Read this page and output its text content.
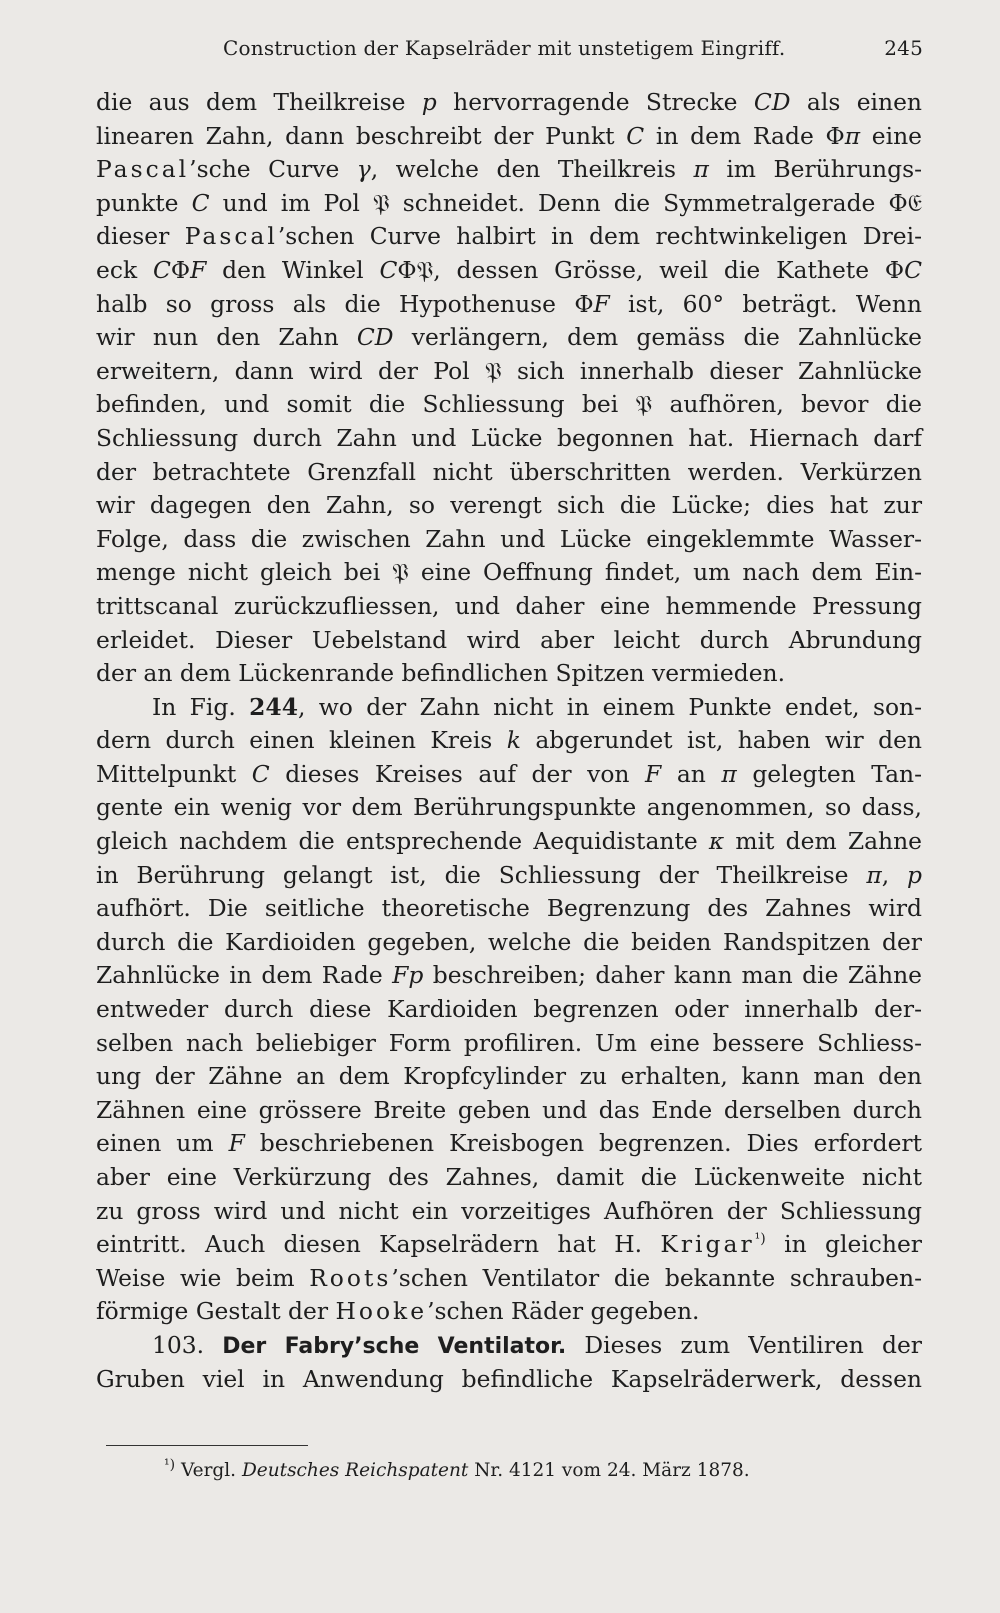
Construction der Kapselräder mit unstetigem Eingriff.	245
die aus dem Theilkreise p hervorragende Strecke CD als einen
linearen Zahn, dann beschreibt der Punkt C in dem Rade Φπ eine
Pascal’sche Curve γ, welche den Theilkreis π im Berührungs-
punkte C und im Pol 𝔓 schneidet. Denn die Symmetralgerade Φ𝔈
dieser Pascal’schen Curve halbirt in dem rechtwinkeligen Drei-
eck CΦF den Winkel CΦ𝔓, dessen Grösse, weil die Kathete ΦC
halb so gross als die Hypothenuse ΦF ist, 60° beträgt. Wenn
wir nun den Zahn CD verlängern, dem gemäss die Zahnlücke
erweitern, dann wird der Pol 𝔓 sich innerhalb dieser Zahnlücke
befinden, und somit die Schliessung bei 𝔓 aufhören, bevor die
Schliessung durch Zahn und Lücke begonnen hat. Hiernach darf
der betrachtete Grenzfall nicht überschritten werden. Verkürzen
wir dagegen den Zahn, so verengt sich die Lücke; dies hat zur
Folge, dass die zwischen Zahn und Lücke eingeklemmte Wasser-
menge nicht gleich bei 𝔓 eine Oeffnung findet, um nach dem Ein-
trittscanal zurückzufliessen, und daher eine hemmende Pressung
erleidet. Dieser Uebelstand wird aber leicht durch Abrundung
der an dem Lückenrande befindlichen Spitzen vermieden.
In Fig. 244, wo der Zahn nicht in einem Punkte endet, son-
dern durch einen kleinen Kreis k abgerundet ist, haben wir den
Mittelpunkt C dieses Kreises auf der von F an π gelegten Tan-
gente ein wenig vor dem Berührungspunkte angenommen, so dass,
gleich nachdem die entsprechende Aequidistante κ mit dem Zahne
in Berührung gelangt ist, die Schliessung der Theilkreise π, p
aufhört. Die seitliche theoretische Begrenzung des Zahnes wird
durch die Kardioiden gegeben, welche die beiden Randspitzen der
Zahnlücke in dem Rade Fp beschreiben; daher kann man die Zähne
entweder durch diese Kardioiden begrenzen oder innerhalb der-
selben nach beliebiger Form profiliren. Um eine bessere Schliess-
ung der Zähne an dem Kropfcylinder zu erhalten, kann man den
Zähnen eine grössere Breite geben und das Ende derselben durch
einen um F beschriebenen Kreisbogen begrenzen. Dies erfordert
aber eine Verkürzung des Zahnes, damit die Lückenweite nicht
zu gross wird und nicht ein vorzeitiges Aufhören der Schliessung
eintritt. Auch diesen Kapselrädern hat H. Krigar$^{^1)}$ in gleicher
Weise wie beim Roots’schen Ventilator die bekannte schrauben-
förmige Gestalt der Hooke’schen Räder gegeben.
103. Der Fabry’sche Ventilator. Dieses zum Ventiliren der
Gruben viel in Anwendung befindliche Kapselräderwerk, dessen
$^{^1)}$ Vergl. Deutsches Reichspatent Nr. 4121 vom 24. März 1878.
